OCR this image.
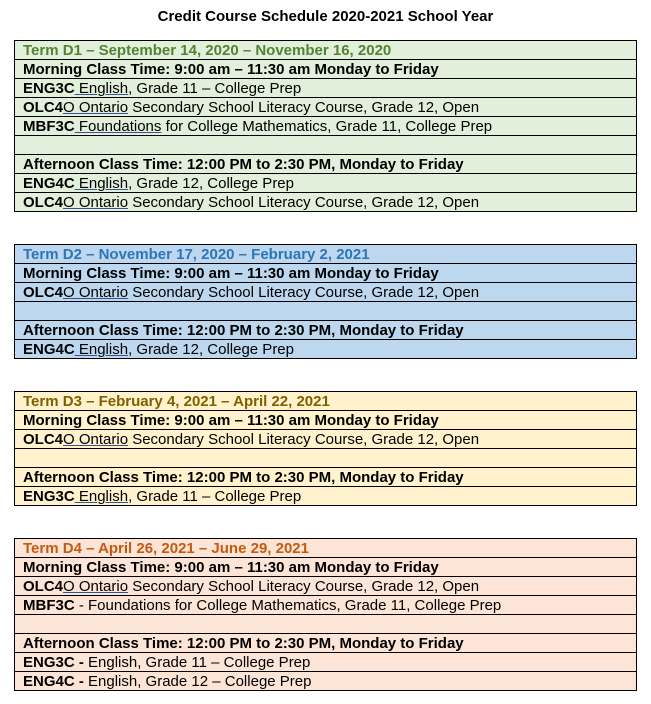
Credit Course Schedule 2020-2021 School Year
Term D1 – September 14, 2020 – November 16, 2020
Morning Class Time: 9:00 am – 11:30 am Monday to Friday
ENG3C English, Grade 11 – College Prep
OLC4O Ontario Secondary School Literacy Course, Grade 12, Open
MBF3C Foundations for College Mathematics, Grade 11, College Prep
Afternoon Class Time: 12:00 PM to 2:30 PM, Monday to Friday
ENG4C English, Grade 12, College Prep
OLC4O Ontario Secondary School Literacy Course, Grade 12, Open
Term D2 – November 17, 2020 – February 2, 2021
Morning Class Time: 9:00 am – 11:30 am Monday to Friday
OLC4O Ontario Secondary School Literacy Course, Grade 12, Open
Afternoon Class Time: 12:00 PM to 2:30 PM, Monday to Friday
ENG4C English, Grade 12, College Prep
Term D3 – February 4, 2021 – April 22, 2021
Morning Class Time: 9:00 am – 11:30 am Monday to Friday
OLC4O Ontario Secondary School Literacy Course, Grade 12, Open
Afternoon Class Time: 12:00 PM to 2:30 PM, Monday to Friday
ENG3C English, Grade 11 – College Prep
Term D4 – April 26, 2021 – June 29, 2021
Morning Class Time: 9:00 am – 11:30 am Monday to Friday
OLC4O Ontario Secondary School Literacy Course, Grade 12, Open
MBF3C - Foundations for College Mathematics, Grade 11, College Prep
Afternoon Class Time: 12:00 PM to 2:30 PM, Monday to Friday
ENG3C - English, Grade 11 – College Prep
ENG4C - English, Grade 12 – College Prep
